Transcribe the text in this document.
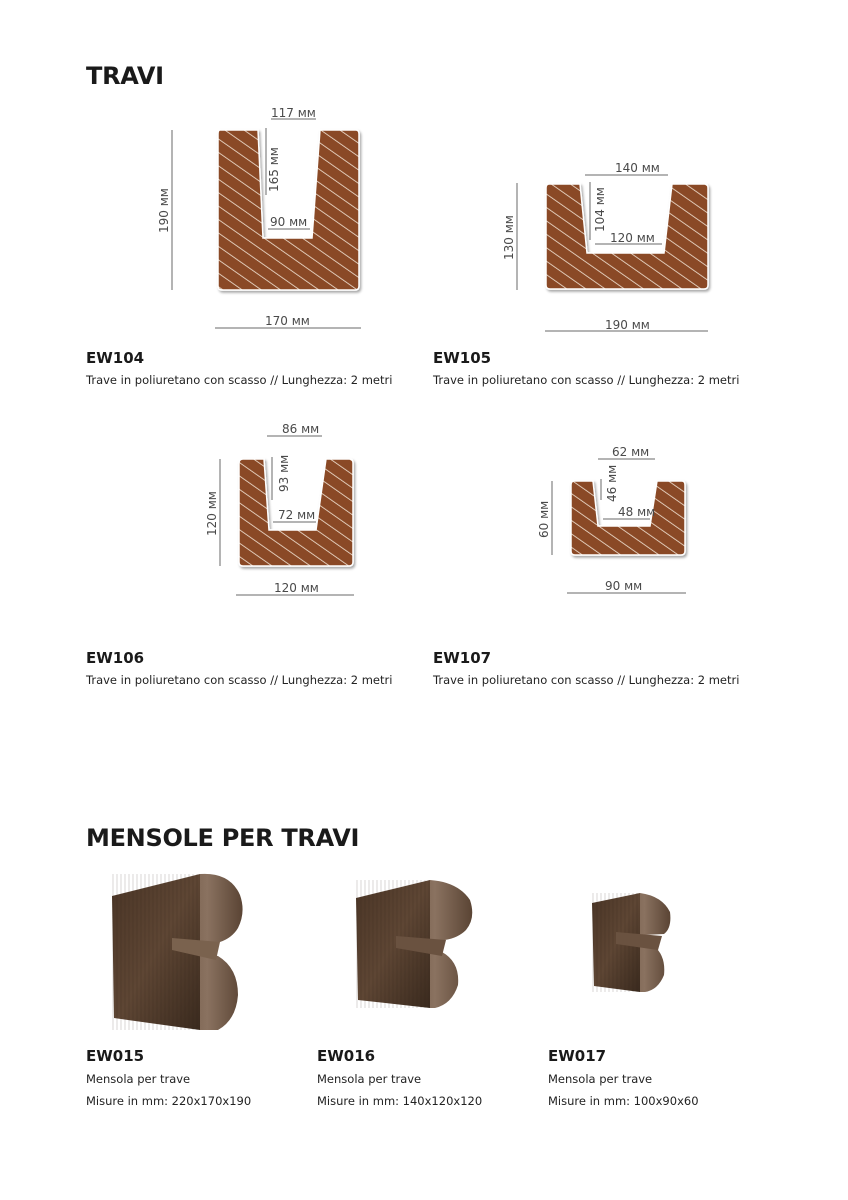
TRAVI
117 мм
165 мм
90 мм
190 мм
170 мм
140 мм
104 мм
120 мм
130 мм
190 мм
86 мм
93 мм
72 мм
120 мм
120 мм
62 мм
46 мм
48 мм
60 мм
90 мм
EW104

Trave in poliuretano con scasso // Lunghezza: 2 metri

EW105

Trave in poliuretano con scasso // Lunghezza: 2 metri

EW106

Trave in poliuretano con scasso // Lunghezza: 2 metri

EW107

Trave in poliuretano con scasso // Lunghezza: 2 metri

MENSOLE PER TRAVI
EW015

Mensola per trave

Misure in mm: 220x170x190

EW016

Mensola per trave

Misure in mm: 140x120x120

EW017

Mensola per trave

Misure in mm: 100x90x60
